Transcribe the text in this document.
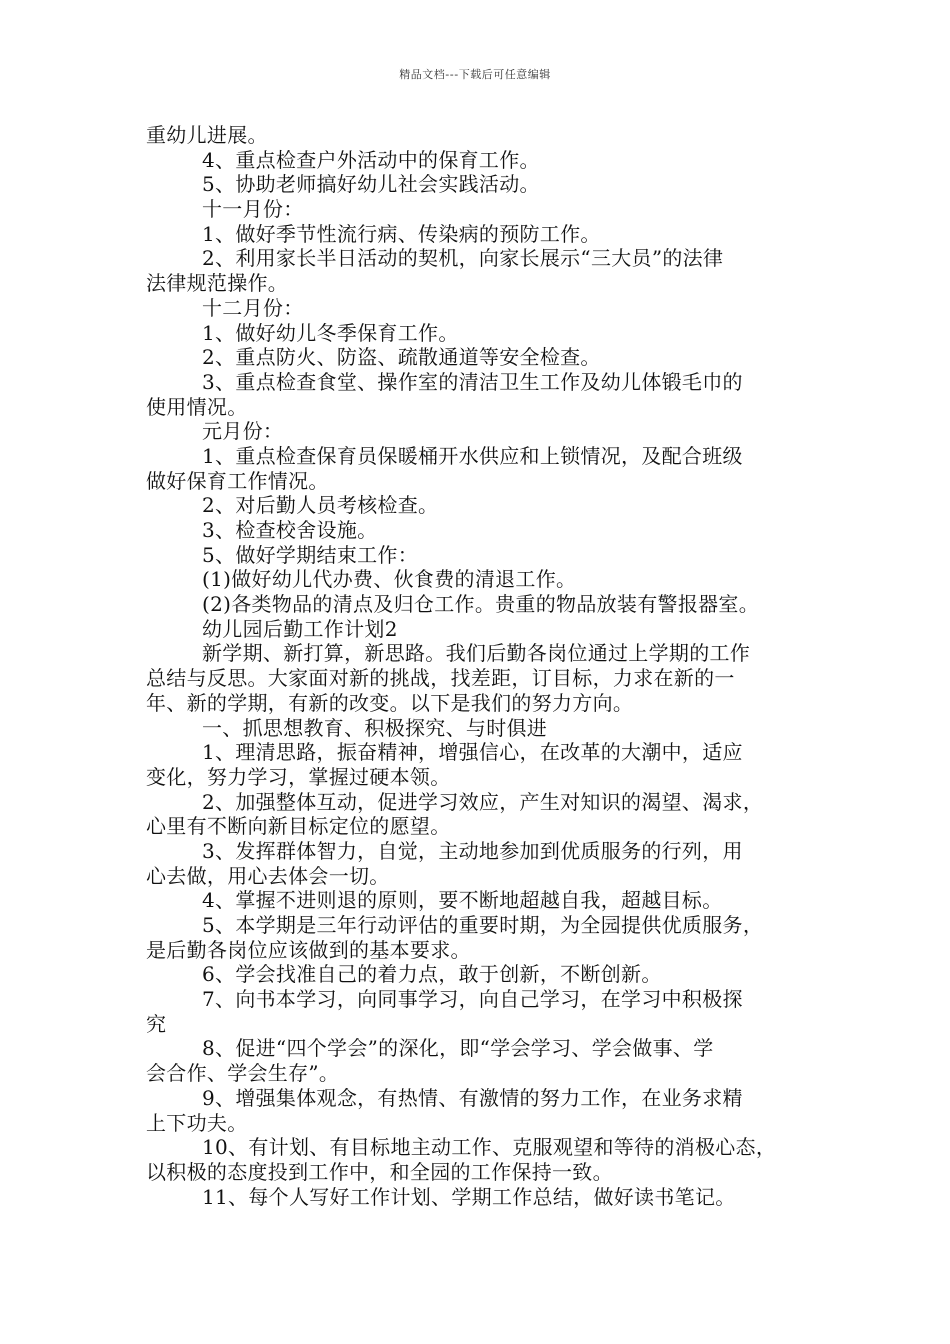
精品文档---下载后可任意编辑
重幼儿进展。
4、重点检查户外活动中的保育工作。
5、协助老师搞好幼儿社会实践活动。
十一月份：
1、做好季节性流行病、传染病的预防工作。
2、利用家长半日活动的契机，向家长展示“三大员”的法律
法律规范操作。
十二月份：
1、做好幼儿冬季保育工作。
2、重点防火、防盗、疏散通道等安全检查。
3、重点检查食堂、操作室的清洁卫生工作及幼儿体锻毛巾的
使用情况。
元月份：
1、重点检查保育员保暖桶开水供应和上锁情况，及配合班级
做好保育工作情况。
2、对后勤人员考核检查。
3、检查校舍设施。
5、做好学期结束工作：
(1)做好幼儿代办费、伙食费的清退工作。
(2)各类物品的清点及归仓工作。贵重的物品放装有警报器室。
幼儿园后勤工作计划2
新学期、新打算，新思路。我们后勤各岗位通过上学期的工作
总结与反思。大家面对新的挑战，找差距，订目标，力求在新的一
年、新的学期，有新的改变。以下是我们的努力方向。
一、抓思想教育、积极探究、与时俱进
1、理清思路，振奋精神，增强信心，在改革的大潮中，适应
变化，努力学习，掌握过硬本领。
2、加强整体互动，促进学习效应，产生对知识的渴望、渴求，
心里有不断向新目标定位的愿望。
3、发挥群体智力，自觉，主动地参加到优质服务的行列，用
心去做，用心去体会一切。
4、掌握不进则退的原则，要不断地超越自我，超越目标。
5、本学期是三年行动评估的重要时期，为全园提供优质服务，
是后勤各岗位应该做到的基本要求。
6、学会找准自己的着力点，敢于创新，不断创新。
7、向书本学习，向同事学习，向自己学习，在学习中积极探
究
8、促进“四个学会”的深化，即“学会学习、学会做事、学
会合作、学会生存”。
9、增强集体观念，有热情、有激情的努力工作，在业务求精
上下功夫。
10、有计划、有目标地主动工作、克服观望和等待的消极心态，
以积极的态度投到工作中，和全园的工作保持一致。
11、每个人写好工作计划、学期工作总结，做好读书笔记。
